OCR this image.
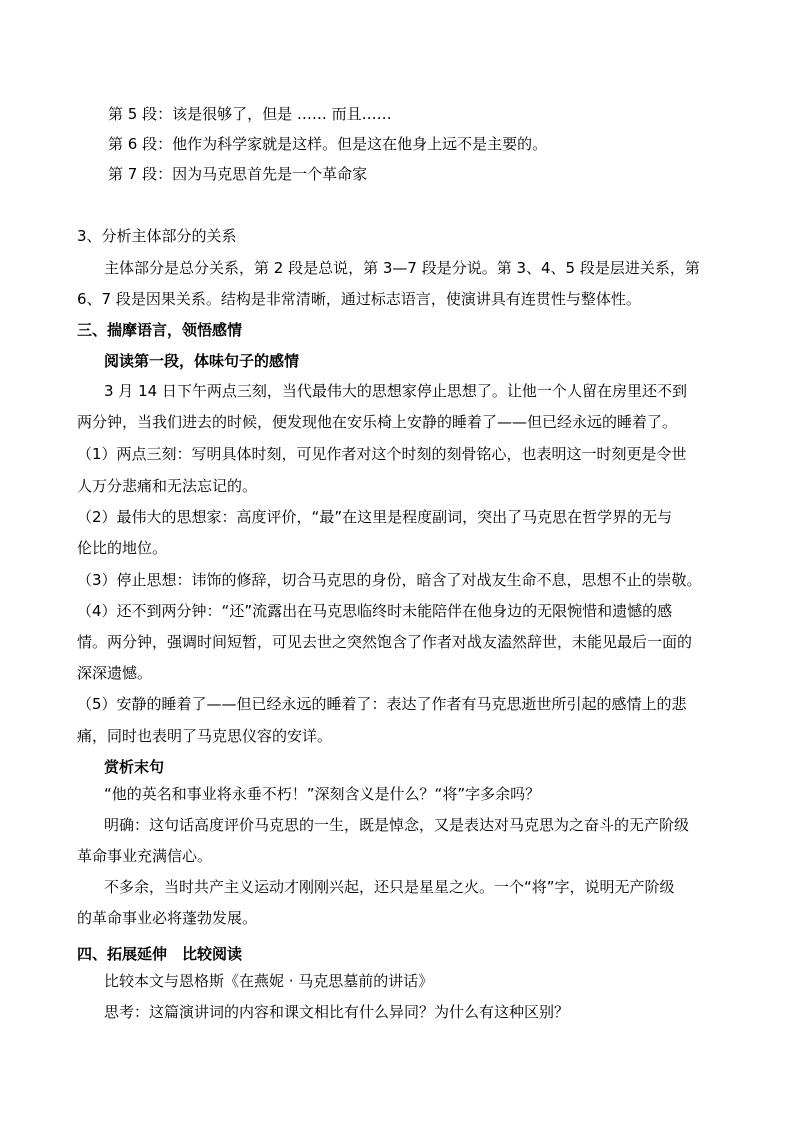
第 5 段：该是很够了，但是 …… 而且……
第 6 段：他作为科学家就是这样。但是这在他身上远不是主要的。
第 7 段：因为马克思首先是一个革命家
3、分析主体部分的关系
主体部分是总分关系，第 2 段是总说，第 3—7 段是分说。第 3、4、5 段是层进关系，第
6、7 段是因果关系。结构是非常清晰，通过标志语言，使演讲具有连贯性与整体性。
三、揣摩语言，领悟感情
阅读第一段，体味句子的感情
3 月 14 日下午两点三刻，当代最伟大的思想家停止思想了。让他一个人留在房里还不到
两分钟，当我们进去的时候，便发现他在安乐椅上安静的睡着了——但已经永远的睡着了。
（1）两点三刻：写明具体时刻，可见作者对这个时刻的刻骨铭心，也表明这一时刻更是令世
人万分悲痛和无法忘记的。
（2）最伟大的思想家：高度评价，“最”在这里是程度副词，突出了马克思在哲学界的无与
伦比的地位。
（3）停止思想：讳饰的修辞，切合马克思的身份，暗含了对战友生命不息，思想不止的崇敬。
（4）还不到两分钟：“还”流露出在马克思临终时未能陪伴在他身边的无限惋惜和遗憾的感
情。两分钟，强调时间短暂，可见去世之突然饱含了作者对战友溘然辞世，未能见最后一面的
深深遗憾。
（5）安静的睡着了——但已经永远的睡着了：表达了作者有马克思逝世所引起的感情上的悲
痛，同时也表明了马克思仪容的安详。
赏析末句
“他的英名和事业将永垂不朽！”深刻含义是什么？“将”字多余吗？
明确：这句话高度评价马克思的一生，既是悼念，又是表达对马克思为之奋斗的无产阶级
革命事业充满信心。
不多余，当时共产主义运动才刚刚兴起，还只是星星之火。一个“将”字，说明无产阶级
的革命事业必将蓬勃发展。
四、拓展延伸　比较阅读
比较本文与恩格斯《在燕妮 · 马克思墓前的讲话》
思考：这篇演讲词的内容和课文相比有什么异同？为什么有这种区别？
